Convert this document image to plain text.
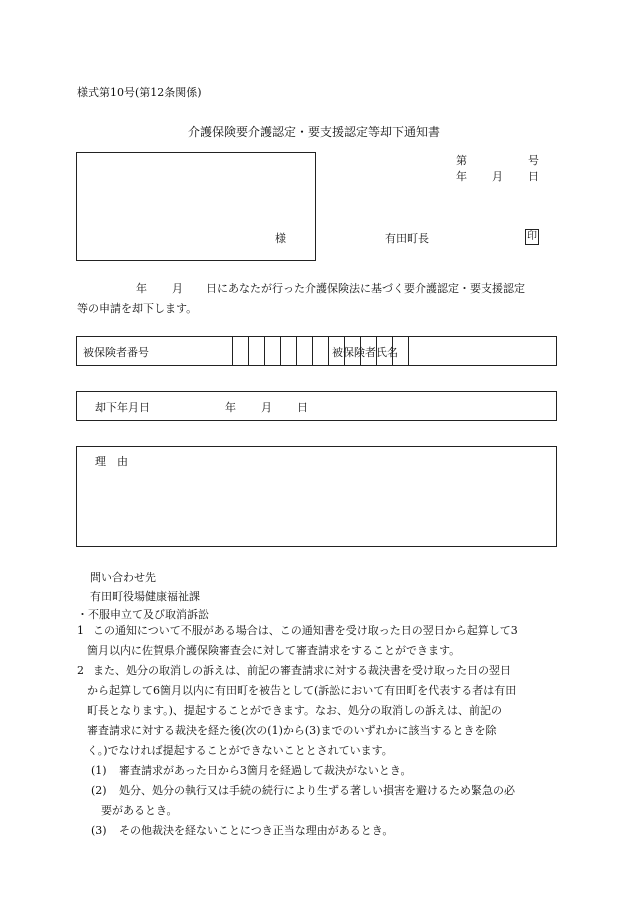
様式第10号(第12条関係)
介護保険要介護認定・要支援認定等却下通知書
様
第	号
年 月 日
有田町長	印
年 月 日にあなたが行った介護保険法に基づく要介護認定・要支援認定
等の申請を却下します。
被保険者番号	被保険者氏名
却下年月日	年 月 日
理　由
問い合わせ先
有田町役場健康福祉課
・不服申立て及び取消訴訟
1 この通知について不服がある場合は、この通知書を受け取った日の翌日から起算して3
箇月以内に佐賀県介護保険審査会に対して審査請求をすることができます。
2 また、処分の取消しの訴えは、前記の審査請求に対する裁決書を受け取った日の翌日
から起算して6箇月以内に有田町を被告として(訴訟において有田町を代表する者は有田
町長となります。)、提起することができます。なお、処分の取消しの訴えは、前記の
審査請求に対する裁決を経た後(次の(1)から(3)までのいずれかに該当するときを除
く。)でなければ提起することができないこととされています。
(1) 審査請求があった日から3箇月を経過して裁決がないとき。
(2) 処分、処分の執行又は手続の続行により生ずる著しい損害を避けるため緊急の必
要があるとき。
(3) その他裁決を経ないことにつき正当な理由があるとき。
